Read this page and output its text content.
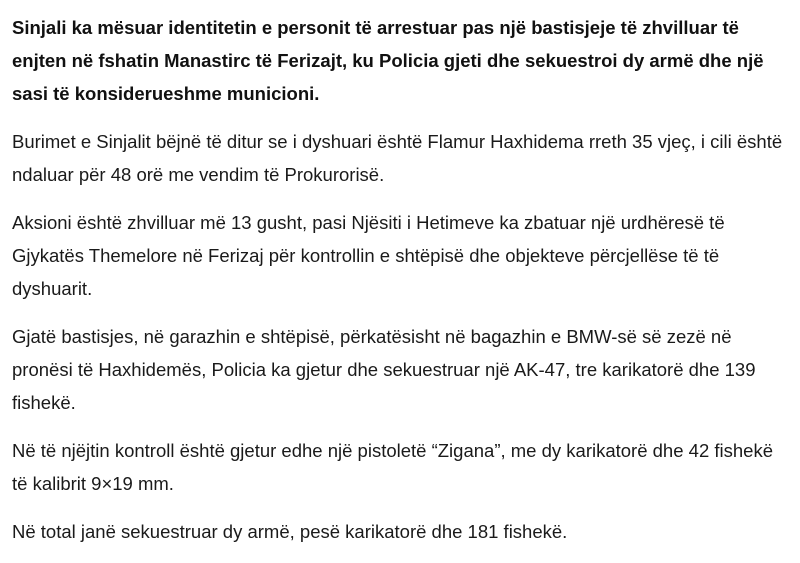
Sinjali ka mësuar identitetin e personit të arrestuar pas një bastisjeje të zhvilluar të enjten në fshatin Manastirc të Ferizajt, ku Policia gjeti dhe sekuestroi dy armë dhe një sasi të konsiderueshme municioni.

Burimet e Sinjalit bëjnë të ditur se i dyshuari është Flamur Haxhidema rreth 35 vjeç, i cili është ndaluar për 48 orë me vendim të Prokurorisë.

Aksioni është zhvilluar më 13 gusht, pasi Njësiti i Hetimeve ka zbatuar një urdhëresë të Gjykatës Themelore në Ferizaj për kontrollin e shtëpisë dhe objekteve përcjellëse të të dyshuarit.

Gjatë bastisjes, në garazhin e shtëpisë, përkatësisht në bagazhin e BMW-së së zezë në pronësi të Haxhidemës, Policia ka gjetur dhe sekuestruar një AK-47, tre karikatorë dhe 139 fishekë.

Në të njëjtin kontroll është gjetur edhe një pistoletë “Zigana”, me dy karikatorë dhe 42 fishekë të kalibrit 9×19 mm.

Në total janë sekuestruar dy armë, pesë karikatorë dhe 181 fishekë.
